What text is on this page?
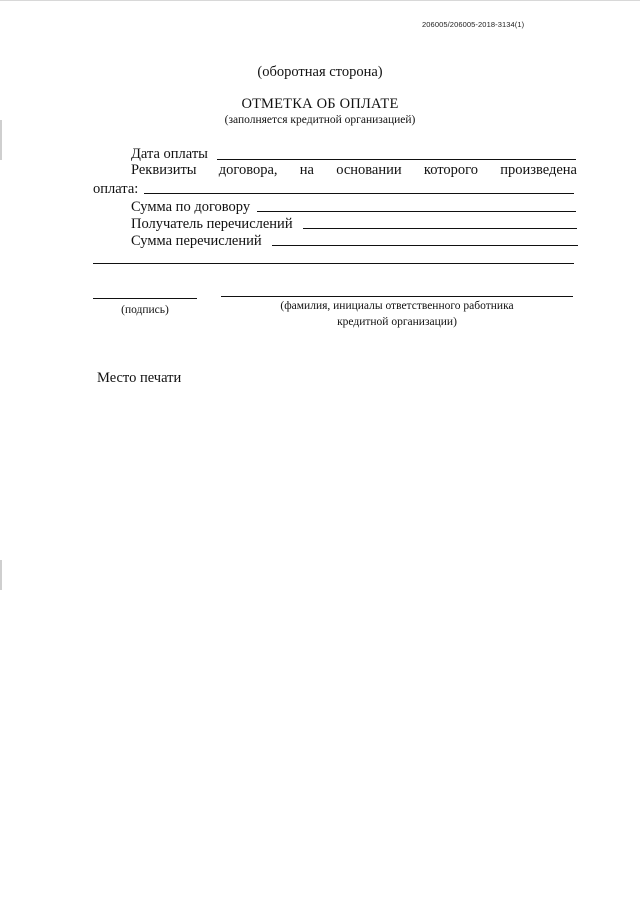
206005/206005-2018-3134(1)
(оборотная сторона)
ОТМЕТКА ОБ ОПЛАТЕ
(заполняется кредитной организацией)
Дата оплаты
Реквизиты договора, на основании которого произведена
оплата:
Сумма по договору
Получатель перечислений
Сумма перечислений
(подпись)	(фамилия, инициалы ответственного работника
кредитной организации)
Место печати
